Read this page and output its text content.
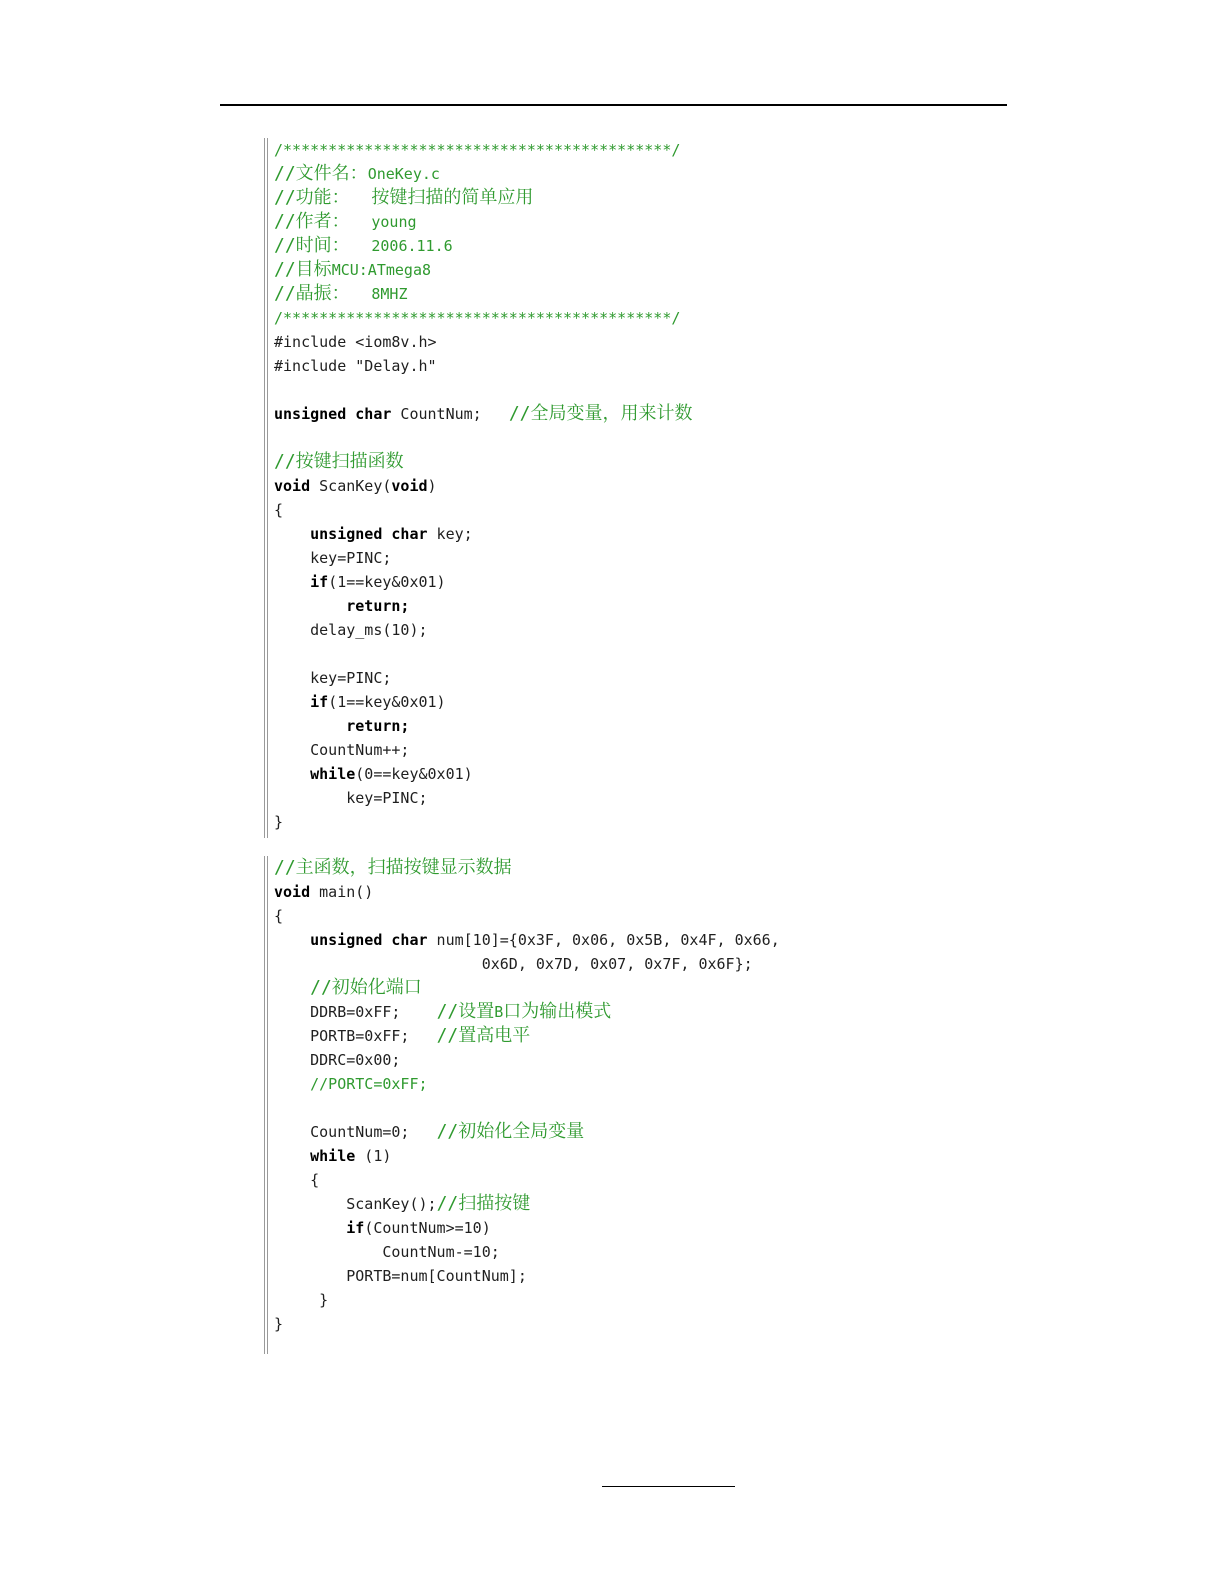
/*******************************************/
//文件名：OneKey.c
//功能：  按键扫描的简单应用
//作者：  young
//时间：  2006.11.6
//目标MCU:ATmega8
//晶振：  8MHZ
/*******************************************/
#include <iom8v.h>
#include "Delay.h"
unsigned char CountNum;   //全局变量，用来计数
//按键扫描函数
void ScanKey(void)
{
unsigned char key;
key=PINC;
if(1==key&0x01)
return;
delay_ms(10);
key=PINC;
if(1==key&0x01)
return;
CountNum++;
while(0==key&0x01)
key=PINC;
}
//主函数，扫描按键显示数据
void main()
{
unsigned char num[10]={0x3F, 0x06, 0x5B, 0x4F, 0x66,
0x6D, 0x7D, 0x07, 0x7F, 0x6F};
//初始化端口
DDRB=0xFF;    //设置B口为输出模式
PORTB=0xFF;   //置高电平
DDRC=0x00;
//PORTC=0xFF;
CountNum=0;   //初始化全局变量
while (1)
{
ScanKey();//扫描按键
if(CountNum>=10)
CountNum-=10;
PORTB=num[CountNum];
}
}
